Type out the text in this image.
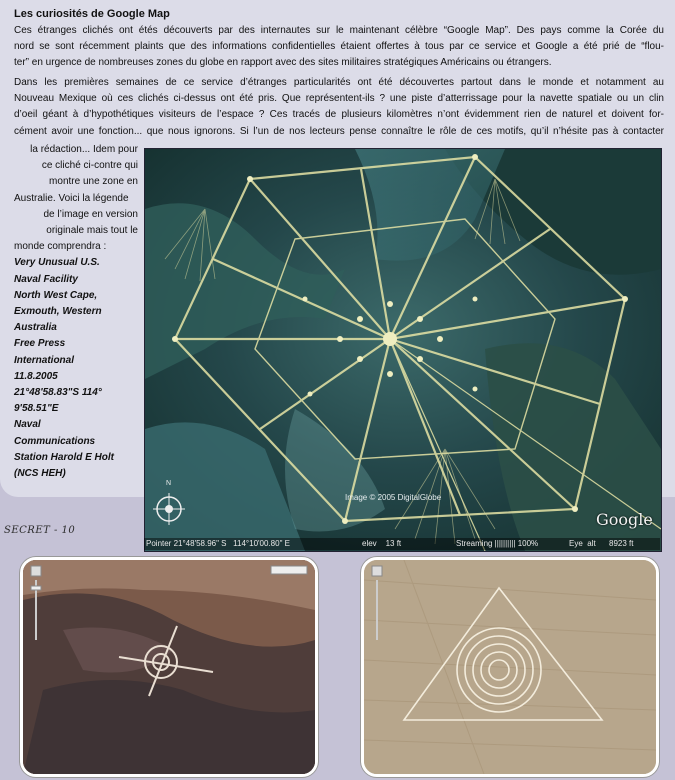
Les curiosités de Google Map
Ces étranges clichés ont étés découverts par des internautes sur le maintenant célèbre “Google Map”. Des pays comme la Corée du
nord se sont récemment plaints que des informations confidentielles étaient offertes à tous par ce service et Google a été prié de “flou-
ter” en urgence de nombreuses zones du globe en rapport avec des sites militaires stratégiques Américains ou étrangers.
Dans les premières semaines de ce service d’étranges particularités ont été découvertes partout dans le monde et notamment au
Nouveau Mexique où ces clichés ci-dessus ont été pris. Que représentent-ils ? une piste d’atterrissage pour la navette spatiale ou un clin
d’oeil géant à d’hypothétiques visiteurs de l’espace ? Ces tracés de plusieurs kilomètres n’ont évidemment rien de naturel et doivent for-
cément avoir une fonction... que nous ignorons. Si l’un de nos lecteurs pense connaître le rôle de ces motifs, qu’il n’hésite pas à contacter
la rédaction... Idem pour
ce cliché ci-contre qui
montre une zone en
Australie. Voici la légende
de l’image en version
originale mais tout le
monde comprendra :
Very Unusual U.S.
Naval Facility
North West Cape,
Exmouth, Western
Australia
Free Press
International
11.8.2005
21°48'58.83"S 114°
9'58.51"E
Naval
Communications
Station Harold E Holt
(NCS HEH)
SECRET - 10
N
Image © 2005 DigitalGlobe
Google
Pointer 21°48'58.96" S   114°10'00.80" E	elev    13 ft	Streaming |||||||||| 100%	Eye  alt      8923 ft
